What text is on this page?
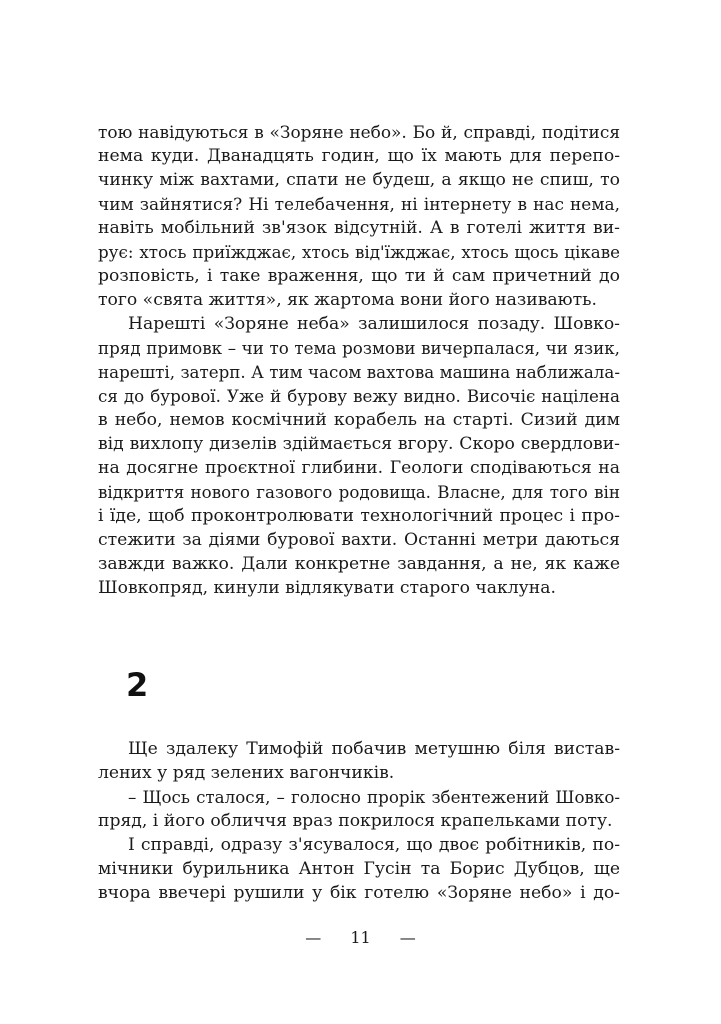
тою навідуються в «Зоряне небо». Бо й, справді, подітися
нема куди. Дванадцять годин, що їх мають для перепо-
чинку між вахтами, спати не будеш, а якщо не спиш, то
чим зайнятися? Ні телебачення, ні інтернету в нас нема,
навіть мобільний зв'язок відсутній. А в готелі життя ви-
рує: хтось приїжджає, хтось від'їжджає, хтось щось цікаве
розповість, і таке враження, що ти й сам причетний до
того «свята життя», як жартома вони його називають.
Нарешті «Зоряне неба» залишилося позаду. Шовко-
пряд примовк – чи то тема розмови вичерпалася, чи язик,
нарешті, затерп. А тим часом вахтова машина наближала-
ся до бурової. Уже й бурову вежу видно. Височіє націлена
в небо, немов космічний корабель на старті. Сизий дим
від вихлопу дизелів здіймається вгору. Скоро свердлови-
на досягне проєктної глибини. Геологи сподіваються на
відкриття нового газового родовища. Власне, для того він
і їде, щоб проконтролювати технологічний процес і про-
стежити за діями бурової вахти. Останні метри даються
завжди важко. Дали конкретне завдання, а не, як каже
Шовкопряд, кинули відлякувати старого чаклуна.
2
Ще здалеку Тимофій побачив метушню біля вистав-
лених у ряд зелених вагончиків.
– Щось сталося, – голосно прорік збентежений Шовко-
пряд, і його обличчя враз покрилося крапельками поту.
І справді, одразу з'ясувалося, що двоє робітників, по-
мічники бурильника Антон Гусін та Борис Дубцов, ще
вчора ввечері рушили у бік готелю «Зоряне небо» і до-
— 11 —
